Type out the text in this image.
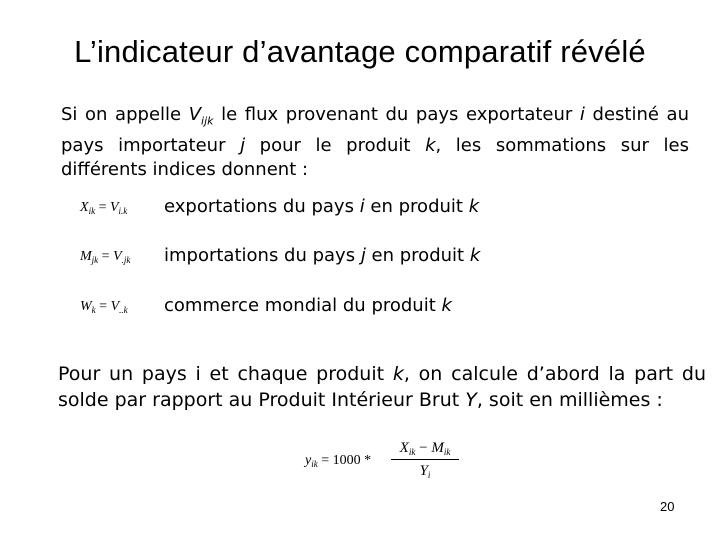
L’indicateur d’avantage comparatif révélé
Si on appelle $V_{ijk}$ le flux provenant du pays exportateur i destiné au pays importateur j pour le produit k, les sommations sur les différents indices donnent :
$X_{ik} = V_{i.k}$ exportations du pays i en produit k
$M_{jk} = V_{.jk}$ importations du pays j en produit k
$W_k = V_{..k}$ commerce mondial du produit k
Pour un pays i et chaque produit k, on calcule d’abord la part du solde par rapport au Produit Intérieur Brut Y, soit en millièmes :
$y_{ik} = 1000$ *
$X_{ik} - M_{ik}$
$Y_i$
20
